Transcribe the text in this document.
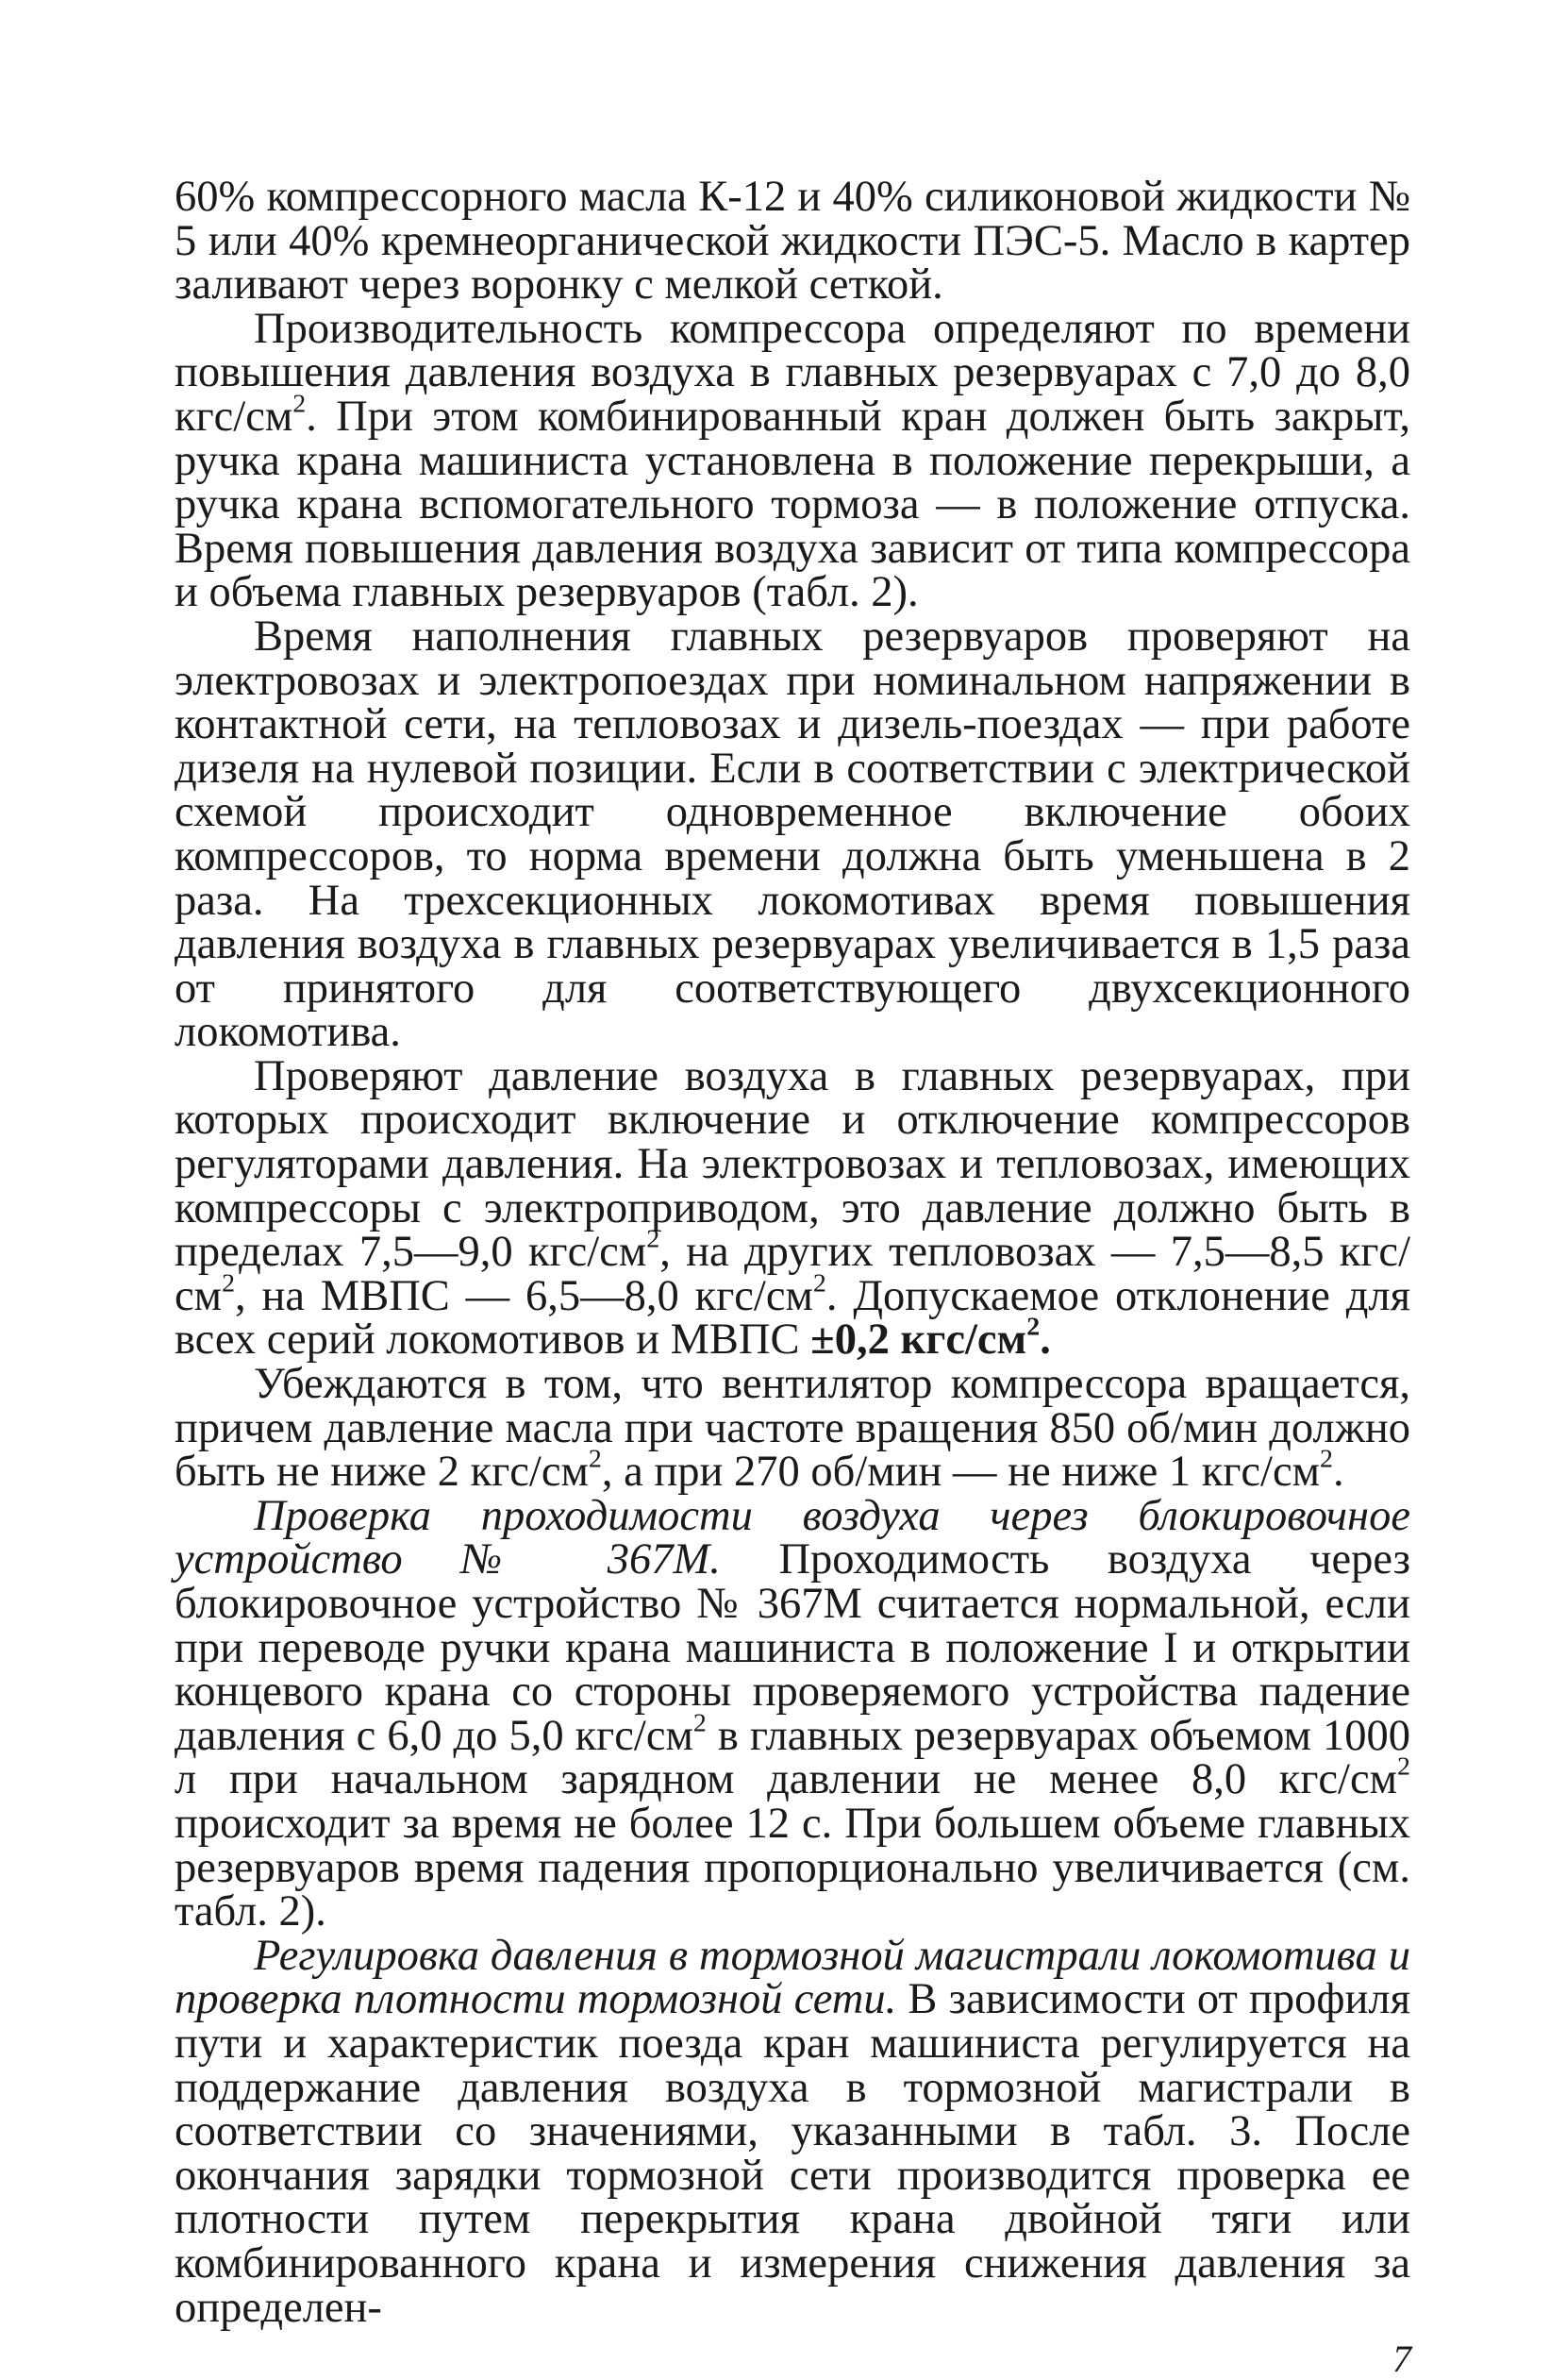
60% компрессорного масла К-12 и 40% силиконовой жидкости № 5 или 40% кремнеорганической жидкости ПЭС-5. Масло в картер заливают через воронку с мелкой сеткой.

Производительность компрессора определяют по времени повышения давления воздуха в главных резервуарах с 7,0 до 8,0 кгс/$см^2$. При этом комбинированный кран должен быть закрыт, ручка крана машиниста установлена в положение перекрыши, а ручка крана вспомогательного тормоза — в положение отпуска. Время повышения давления воздуха зависит от типа компрессора и объема главных резервуаров (табл. 2).

Время наполнения главных резервуаров проверяют на электровозах и электропоездах при номинальном напряжении в контактной сети, на тепловозах и дизель-поездах — при работе дизеля на нулевой позиции. Если в соответствии с электрической схемой происходит одновременное включение обоих компрессоров, то норма времени должна быть уменьшена в 2 раза. На трехсекционных локомотивах время повышения давления воздуха в главных резервуарах увеличивается в 1,5 раза от принятого для соответствующего двухсекционного локомотива.

Проверяют давление воздуха в главных резервуарах, при которых происходит включение и отключение компрессоров регуляторами давления. На электровозах и тепловозах, имеющих компрессоры с электроприводом, это давление должно быть в пределах 7,5—9,0 кгс/$см^2$, на других тепловозах — 7,5—8,5 кгс/$см^2$, на МВПС — 6,5—8,0 кгс/$см^2$. Допускаемое отклонение для всех серий локомотивов и МВПС ±0,2 кгс/$см^2$.

Убеждаются в том, что вентилятор компрессора вращается, причем давление масла при частоте вращения 850 об/мин должно быть не ниже 2 кгс/$см^2$, а при 270 об/мин — не ниже 1 кгс/$см^2$.

Проверка проходимости воздуха через блокировочное устройство № 367М. Проходимость воздуха через блокировочное устройство № 367М считается нормальной, если при переводе ручки крана машиниста в положение I и открытии концевого крана со стороны проверяемого устройства падение давления с 6,0 до 5,0 кгс/$см^2$ в главных резервуарах объемом 1000 л при начальном зарядном давлении не менее 8,0 кгс/$см^2$ происходит за время не более 12 с. При большем объеме главных резервуаров время падения пропорционально увеличивается (см. табл. 2).

Регулировка давления в тормозной магистрали локомотива и проверка плотности тормозной сети. В зависимости от профиля пути и характеристик поезда кран машиниста регулируется на поддержание давления воздуха в тормозной магистрали в соответствии со значениями, указанными в табл. 3. После окончания зарядки тормозной сети производится проверка ее плотности путем перекрытия крана двойной тяги или комбинированного крана и измерения снижения давления за определен-

7
